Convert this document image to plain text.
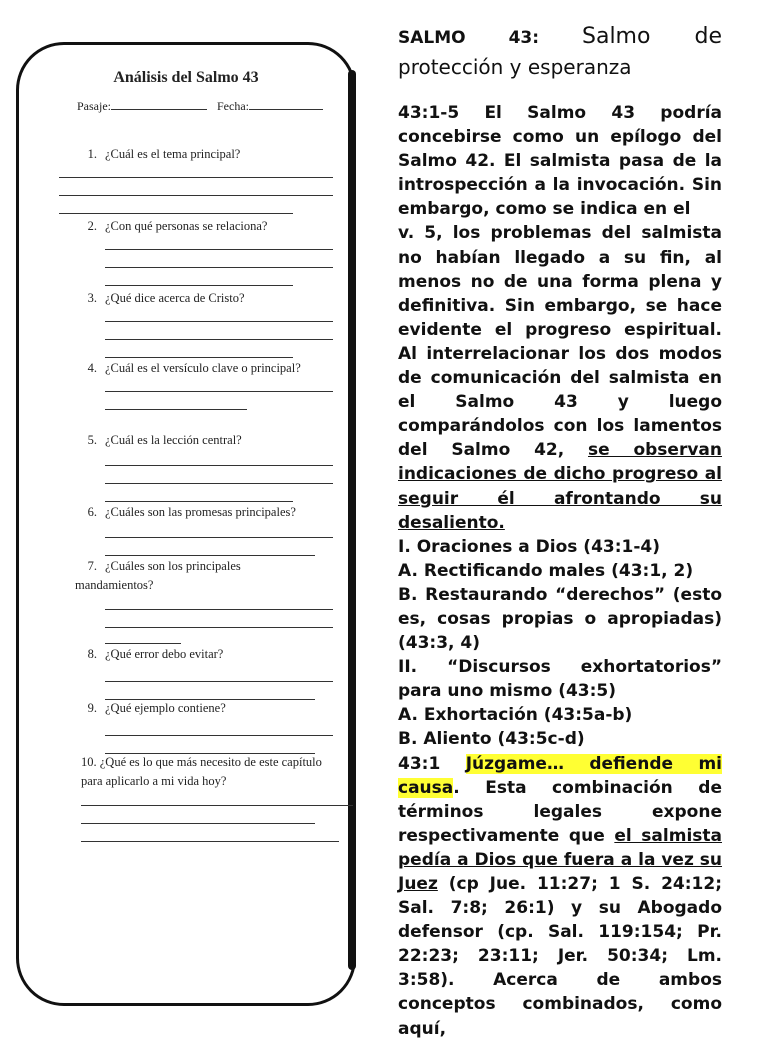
Análisis del Salmo 43
Pasaje:	Fecha:
1. ¿Cuál es el tema principal?
2. ¿Con qué personas se relaciona?
3. ¿Qué dice acerca de Cristo?
4. ¿Cuál es el versículo clave o principal?
5. ¿Cuál es la lección central?
6. ¿Cuáles son las promesas principales?
7. ¿Cuáles son los principales mandamientos?
8. ¿Qué error debo evitar?
9. ¿Qué ejemplo contiene?
10. ¿Qué es lo que más necesito de este capítulo para aplicarlo a mi vida hoy?

SALMO 43: Salmo de

protección y esperanza

43:1-5 El Salmo 43 podría concebirse como un epílogo del Salmo 42. El salmista pasa de la introspección a la invocación. Sin embargo, como se indica en el
v. 5, los problemas del salmista no habían llegado a su fin, al menos no de una forma plena y definitiva. Sin embargo, se hace evidente el progreso espiritual. Al interrelacionar los dos modos de comunicación del salmista en el Salmo 43 y luego comparándolos con los lamentos del Salmo 42, se observan indicaciones de dicho progreso al seguir él afrontando su desaliento.

I. Oraciones a Dios (43:1-4)

A. Rectificando males (43:1, 2)

B. Restaurando “derechos” (esto es, cosas propias o apropiadas) (43:3, 4)

II. “Discursos exhortatorios” para uno mismo (43:5)

A. Exhortación (43:5a-b)

B. Aliento (43:5c-d)

43:1 Júzgame… defiende mi causa. Esta combinación de términos legales expone respectivamente que el salmista pedía a Dios que fuera a la vez su Juez (cp Jue. 11:27; 1 S. 24:12; Sal. 7:8; 26:1) y su Abogado defensor (cp. Sal. 119:154; Pr. 22:23; 23:11; Jer. 50:34; Lm. 3:58). Acerca de ambos conceptos combinados, como aquí,
